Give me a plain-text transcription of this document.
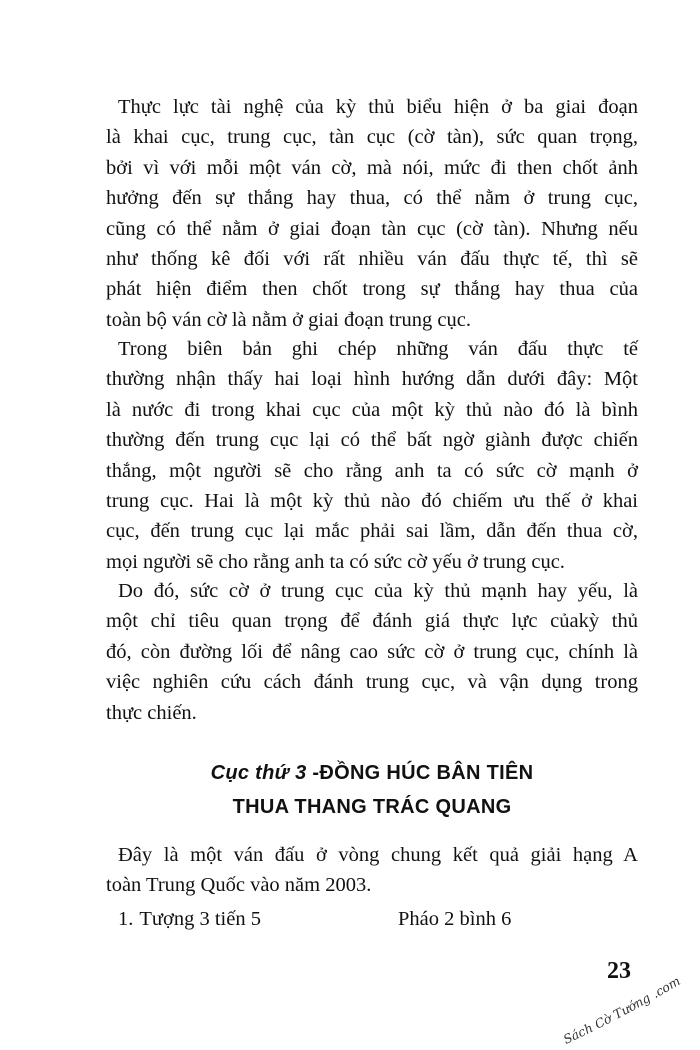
Thực lực tài nghệ của kỳ thủ biểu hiện ở ba giai đoạn
là khai cục, trung cục, tàn cục (cờ tàn), sức quan trọng,
bởi vì với mỗi một ván cờ, mà nói, mức đi then chốt ảnh
hưởng đến sự thắng hay thua, có thể nằm ở trung cục,
cũng có thể nằm ở giai đoạn tàn cục (cờ tàn). Nhưng nếu
như thống kê đối với rất nhiều ván đấu thực tế, thì sẽ
phát hiện điểm then chốt trong sự thắng hay thua của
toàn bộ ván cờ là nằm ở giai đoạn trung cục.

Trong biên bản ghi chép những ván đấu thực tế
thường nhận thấy hai loại hình hướng dẫn dưới đây: Một
là nước đi trong khai cục của một kỳ thủ nào đó là bình
thường đến trung cục lại có thể bất ngờ giành được chiến
thắng, một người sẽ cho rằng anh ta có sức cờ mạnh ở
trung cục. Hai là một kỳ thủ nào đó chiếm ưu thế ở khai
cục, đến trung cục lại mắc phải sai lầm, dẫn đến thua cờ,
mọi người sẽ cho rằng anh ta có sức cờ yếu ở trung cục.

Do đó, sức cờ ở trung cục của kỳ thủ mạnh hay yếu, là
một chỉ tiêu quan trọng để đánh giá thực lực củakỳ thủ
đó, còn đường lối để nâng cao sức cờ ở trung cục, chính là
việc nghiên cứu cách đánh trung cục, và vận dụng trong
thực chiến.

Cục thứ 3 -ĐỒNG HÚC BÂN TIÊN
THUA THANG TRÁC QUANG

Đây là một ván đấu ở vòng chung kết quả giải hạng A
toàn Trung Quốc vào năm 2003.

1. Tượng 3 tiến 5	Pháo 2 bình 6
23
Sách Cờ Tướng .com
